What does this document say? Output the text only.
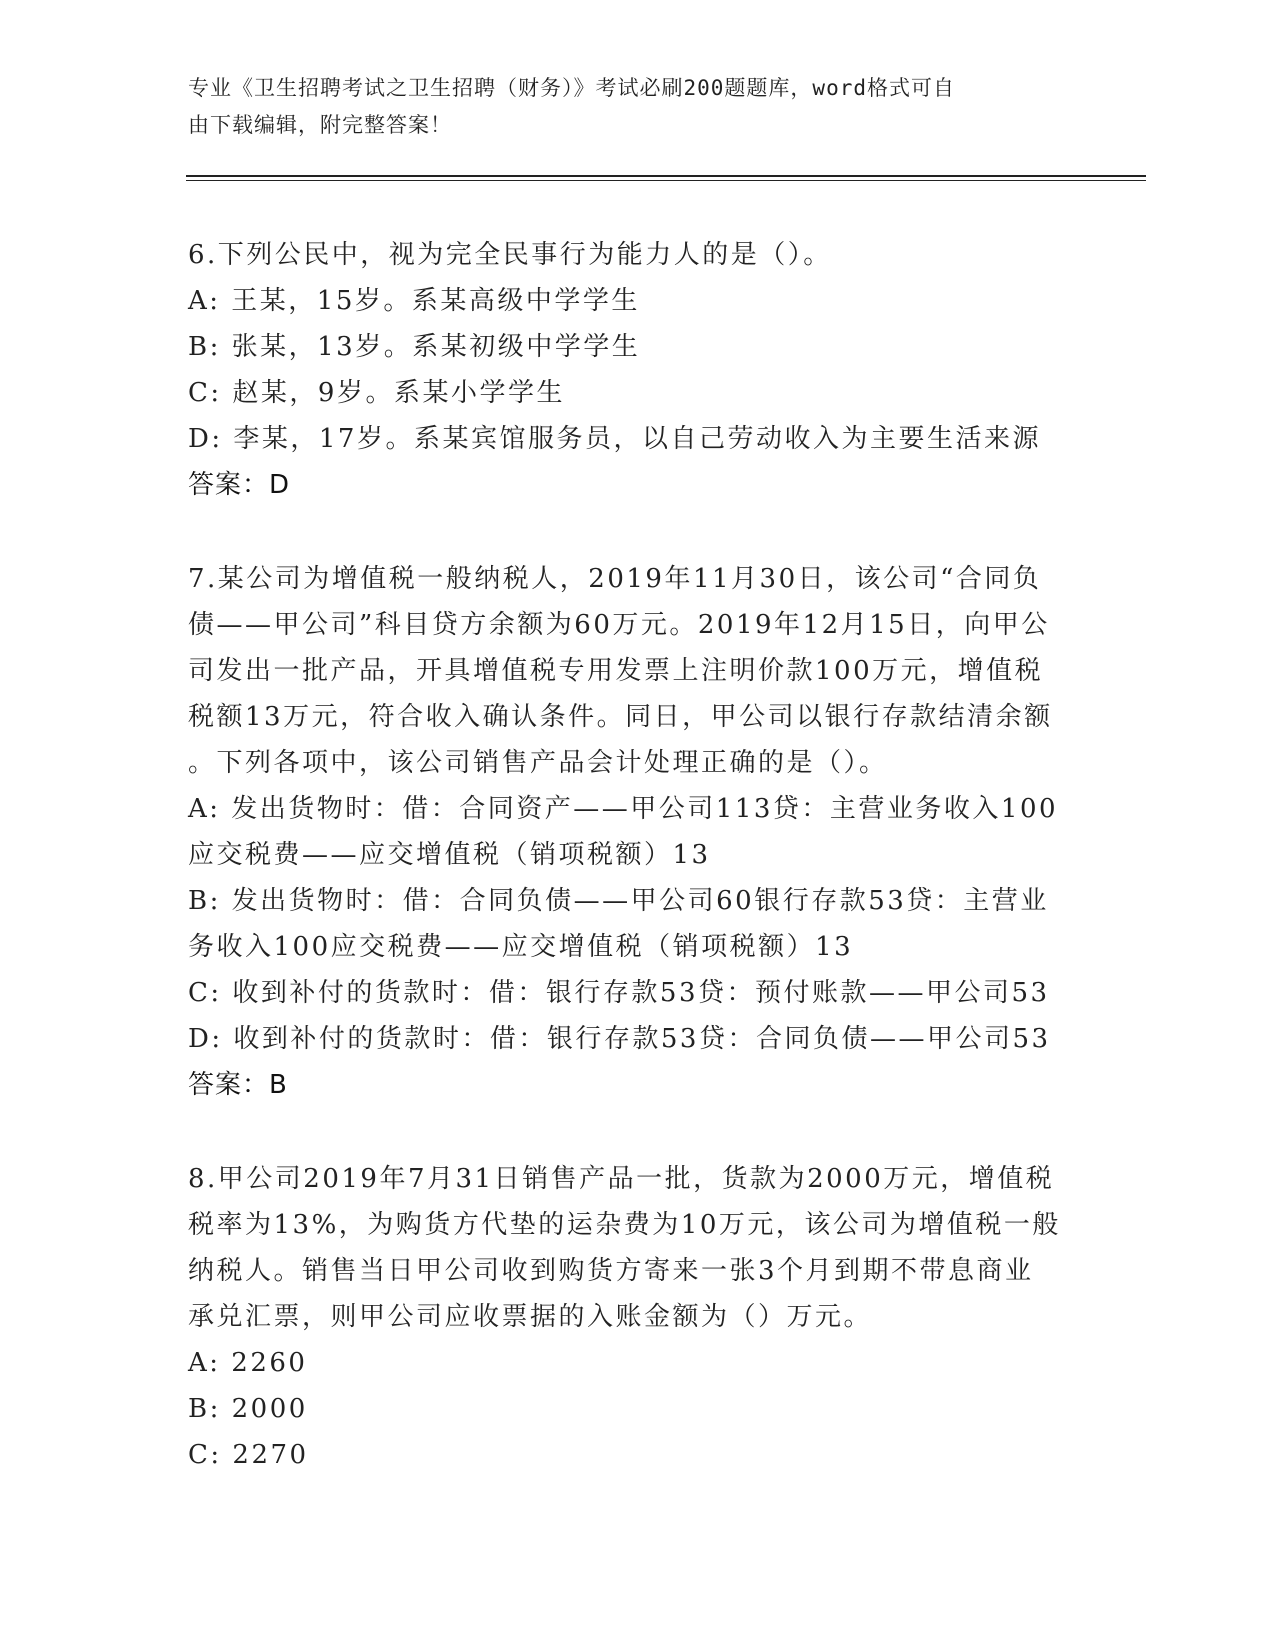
专业《卫生招聘考试之卫生招聘（财务）》考试必刷200题题库，word格式可自
由下载编辑，附完整答案！

6.下列公民中，视为完全民事行为能力人的是（）。

A: 王某，15岁。系某高级中学学生

B: 张某，13岁。系某初级中学学生

C: 赵某，9岁。系某小学学生

D: 李某，17岁。系某宾馆服务员，以自己劳动收入为主要生活来源

答案：D

7.某公司为增值税一般纳税人，2019年11月30日，该公司“合同负

债——甲公司”科目贷方余额为60万元。2019年12月15日，向甲公

司发出一批产品，开具增值税专用发票上注明价款100万元，增值税

税额13万元，符合收入确认条件。同日，甲公司以银行存款结清余额

。下列各项中，该公司销售产品会计处理正确的是（）。

A: 发出货物时：借：合同资产——甲公司113贷：主营业务收入100

应交税费——应交增值税（销项税额）13

B: 发出货物时：借：合同负债——甲公司60银行存款53贷：主营业

务收入100应交税费——应交增值税（销项税额）13

C: 收到补付的货款时：借：银行存款53贷：预付账款——甲公司53

D: 收到补付的货款时：借：银行存款53贷：合同负债——甲公司53

答案：B

8.甲公司2019年7月31日销售产品一批，货款为2000万元，增值税

税率为13%，为购货方代垫的运杂费为10万元，该公司为增值税一般

纳税人。销售当日甲公司收到购货方寄来一张3个月到期不带息商业

承兑汇票，则甲公司应收票据的入账金额为（）万元。

A: 2260

B: 2000

C: 2270
